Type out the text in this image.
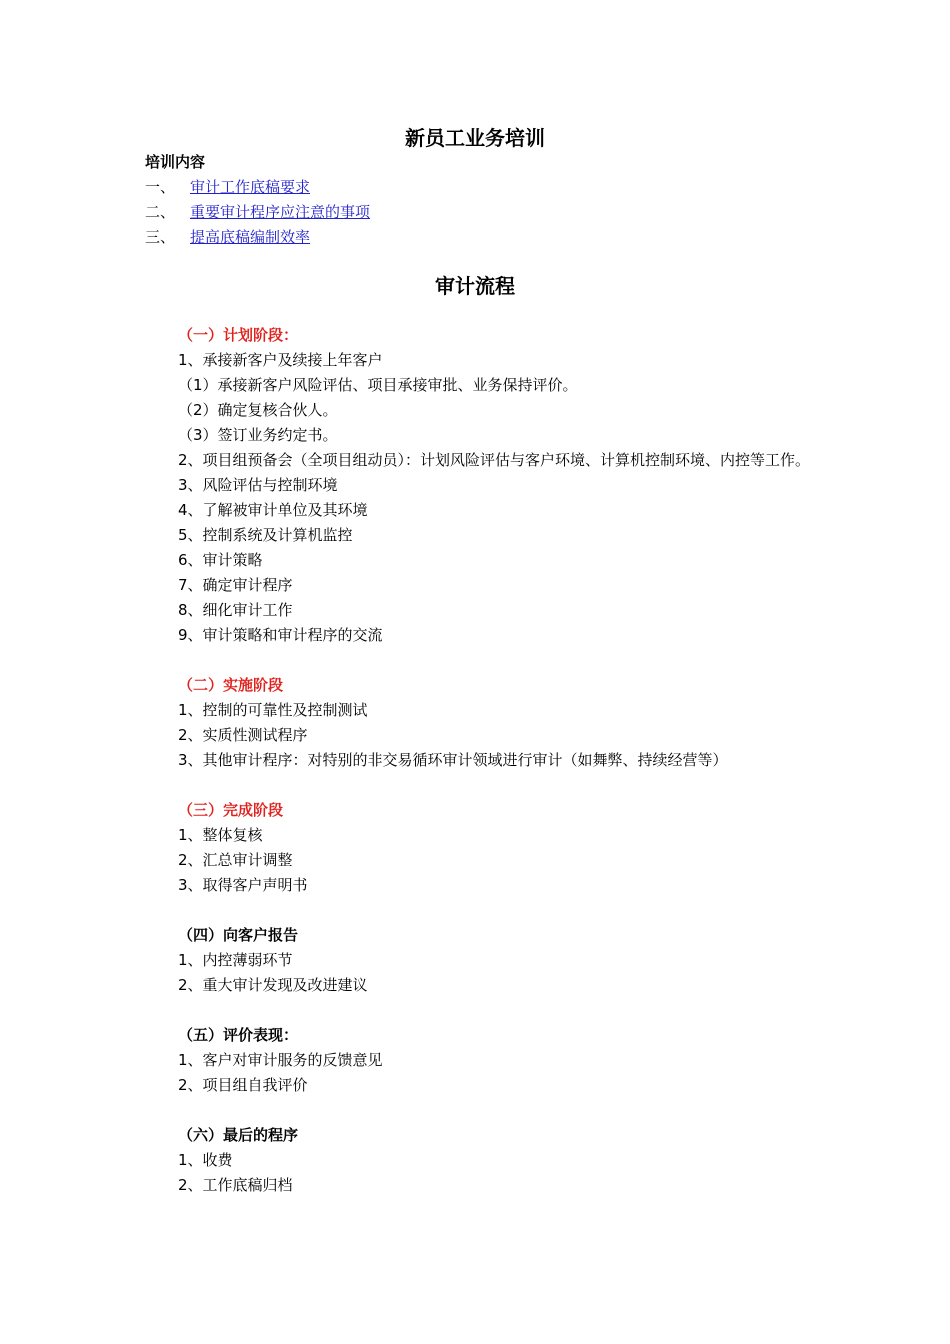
新员工业务培训
培训内容
一、 审计工作底稿要求
二、 重要审计程序应注意的事项
三、 提高底稿编制效率
审计流程
（一）计划阶段：
1、承接新客户及续接上年客户
（1）承接新客户风险评估、项目承接审批、业务保持评价。
（2）确定复核合伙人。
（3）签订业务约定书。
2、项目组预备会（全项目组动员）：计划风险评估与客户环境、计算机控制环境、内控等工作。
3、风险评估与控制环境
4、了解被审计单位及其环境
5、控制系统及计算机监控
6、审计策略
7、确定审计程序
8、细化审计工作
9、审计策略和审计程序的交流
（二）实施阶段
1、控制的可靠性及控制测试
2、实质性测试程序
3、其他审计程序：对特别的非交易循环审计领域进行审计（如舞弊、持续经营等）
（三）完成阶段
1、整体复核
2、汇总审计调整
3、取得客户声明书
（四）向客户报告
1、内控薄弱环节
2、重大审计发现及改进建议
（五）评价表现：
1、客户对审计服务的反馈意见
2、项目组自我评价
（六）最后的程序
1、收费
2、工作底稿归档
